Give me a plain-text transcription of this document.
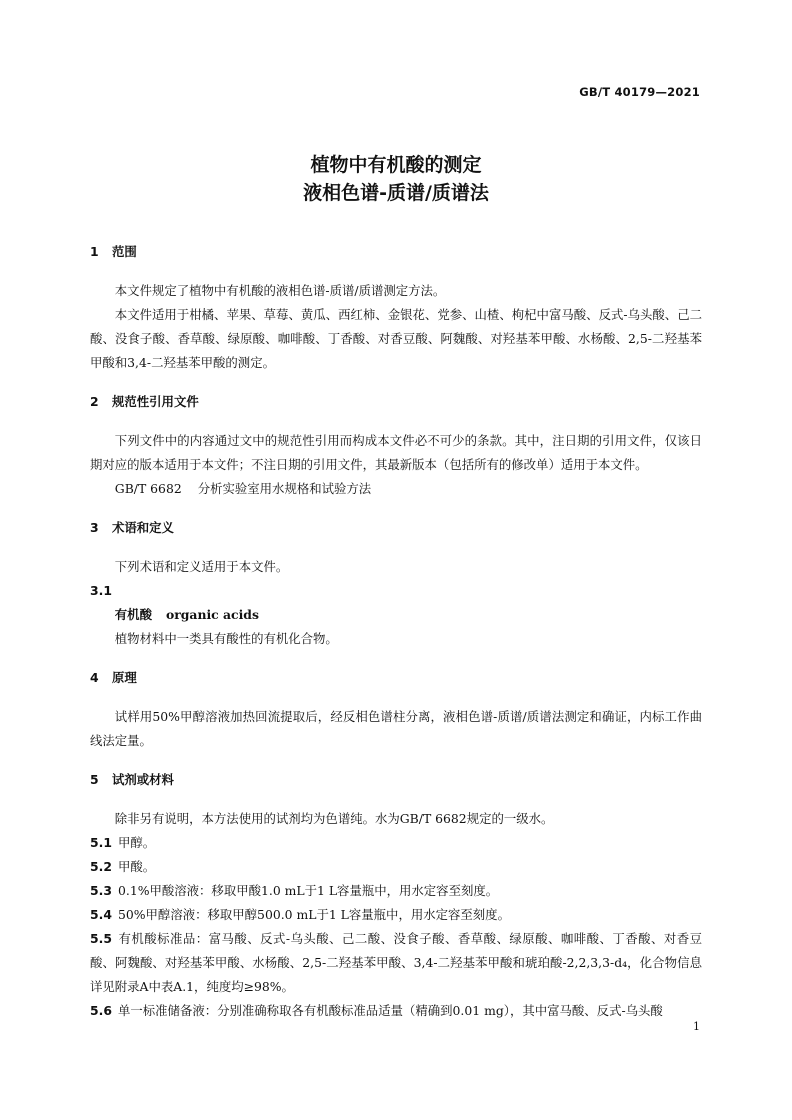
GB/T 40179—2021
植物中有机酸的测定
液相色谱-质谱/质谱法
1 范围
本文件规定了植物中有机酸的液相色谱-质谱/质谱测定方法。
本文件适用于柑橘、苹果、草莓、黄瓜、西红柿、金银花、党参、山楂、枸杞中富马酸、反式-乌头酸、己二酸、没食子酸、香草酸、绿原酸、咖啡酸、丁香酸、对香豆酸、阿魏酸、对羟基苯甲酸、水杨酸、2,5-二羟基苯甲酸和3,4-二羟基苯甲酸的测定。
2 规范性引用文件
下列文件中的内容通过文中的规范性引用而构成本文件必不可少的条款。其中，注日期的引用文件，仅该日期对应的版本适用于本文件；不注日期的引用文件，其最新版本（包括所有的修改单）适用于本文件。
GB/T 6682 分析实验室用水规格和试验方法
3 术语和定义
下列术语和定义适用于本文件。
3.1
有机酸 organic acids
植物材料中一类具有酸性的有机化合物。
4 原理
试样用50%甲醇溶液加热回流提取后，经反相色谱柱分离，液相色谱-质谱/质谱法测定和确证，内标工作曲线法定量。
5 试剂或材料
除非另有说明，本方法使用的试剂均为色谱纯。水为GB/T 6682规定的一级水。
5.1 甲醇。
5.2 甲酸。
5.3 0.1%甲酸溶液：移取甲酸1.0 mL于1 L容量瓶中，用水定容至刻度。
5.4 50%甲醇溶液：移取甲醇500.0 mL于1 L容量瓶中，用水定容至刻度。
5.5 有机酸标准品：富马酸、反式-乌头酸、己二酸、没食子酸、香草酸、绿原酸、咖啡酸、丁香酸、对香豆酸、阿魏酸、对羟基苯甲酸、水杨酸、2,5-二羟基苯甲酸、3,4-二羟基苯甲酸和琥珀酸-2,2,3,3-d₄，化合物信息详见附录A中表A.1，纯度均≥98%。
5.6 单一标准储备液：分别准确称取各有机酸标准品适量（精确到0.01 mg），其中富马酸、反式-乌头酸
1
